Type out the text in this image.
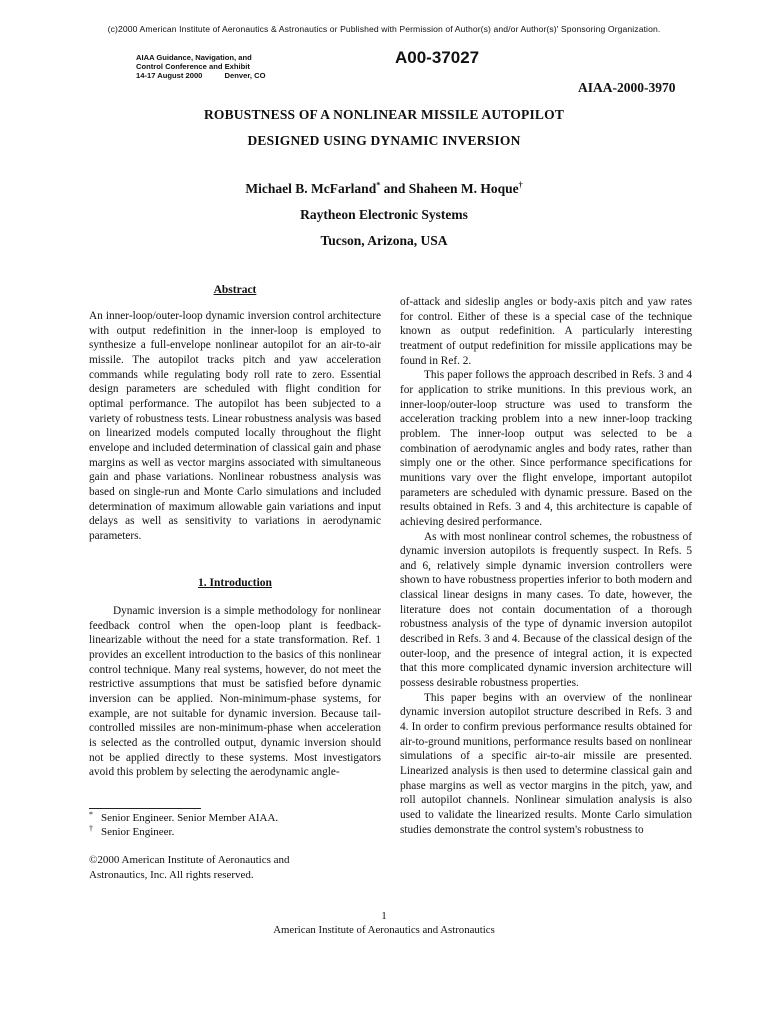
(c)2000 American Institute of Aeronautics & Astronautics or Published with Permission of Author(s) and/or Author(s)' Sponsoring Organization.
AIAA Guidance, Navigation, and
Control Conference and Exhibit
14-17 August 2000	Denver, CO
A00-37027
AIAA-2000-3970
ROBUSTNESS OF A NONLINEAR MISSILE AUTOPILOT
DESIGNED USING DYNAMIC INVERSION
Michael B. McFarland* and Shaheen M. Hoque†
Raytheon Electronic Systems
Tucson, Arizona, USA
Abstract

An inner-loop/outer-loop dynamic inversion control architecture with output redefinition in the inner-loop is employed to synthesize a full-envelope nonlinear autopilot for an air-to-air missile. The autopilot tracks pitch and yaw acceleration commands while regulating body roll rate to zero. Essential design parameters are scheduled with flight condition for optimal performance. The autopilot has been subjected to a variety of robustness tests. Linear robustness analysis was based on linearized models computed locally throughout the flight envelope and included determination of classical gain and phase margins as well as vector margins associated with simultaneous gain and phase variations. Nonlinear robustness analysis was based on single-run and Monte Carlo simulations and included determination of maximum allowable gain variations and input delays as well as sensitivity to variations in aerodynamic parameters.

1. Introduction

Dynamic inversion is a simple methodology for nonlinear feedback control when the open-loop plant is feedback-linearizable without the need for a state transformation. Ref. 1 provides an excellent introduction to the basics of this nonlinear control technique. Many real systems, however, do not meet the restrictive assumptions that must be satisfied before dynamic inversion can be applied. Non-minimum-phase systems, for example, are not suitable for dynamic inversion. Because tail-controlled missiles are non-minimum-phase when acceleration is selected as the controlled output, dynamic inversion should not be applied directly to these systems. Most investigators avoid this problem by selecting the aerodynamic angle-

* Senior Engineer. Senior Member AIAA.
† Senior Engineer.
©2000 American Institute of Aeronautics and
Astronautics, Inc. All rights reserved.

of-attack and sideslip angles or body-axis pitch and yaw rates for control. Either of these is a special case of the technique known as output redefinition. A particularly interesting treatment of output redefinition for missile applications may be found in Ref. 2.

This paper follows the approach described in Refs. 3 and 4 for application to strike munitions. In this previous work, an inner-loop/outer-loop structure was used to transform the acceleration tracking problem into a new inner-loop tracking problem. The inner-loop output was selected to be a combination of aerodynamic angles and body rates, rather than simply one or the other. Since performance specifications for munitions vary over the flight envelope, important autopilot parameters are scheduled with dynamic pressure. Based on the results obtained in Refs. 3 and 4, this architecture is capable of achieving desired performance.

As with most nonlinear control schemes, the robustness of dynamic inversion autopilots is frequently suspect. In Refs. 5 and 6, relatively simple dynamic inversion controllers were shown to have robustness properties inferior to both modern and classical linear designs in many cases. To date, however, the literature does not contain documentation of a thorough robustness analysis of the type of dynamic inversion autopilot described in Refs. 3 and 4. Because of the classical design of the outer-loop, and the presence of integral action, it is expected that this more complicated dynamic inversion architecture will possess desirable robustness properties.

This paper begins with an overview of the nonlinear dynamic inversion autopilot structure described in Refs. 3 and 4. In order to confirm previous performance results obtained for air-to-ground munitions, performance results based on nonlinear simulations of a specific air-to-air missile are presented. Linearized analysis is then used to determine classical gain and phase margins as well as vector margins in the pitch, yaw, and roll autopilot channels. Nonlinear simulation analysis is also used to validate the linearized results. Monte Carlo simulation studies demonstrate the control system's robustness to

1
American Institute of Aeronautics and Astronautics
